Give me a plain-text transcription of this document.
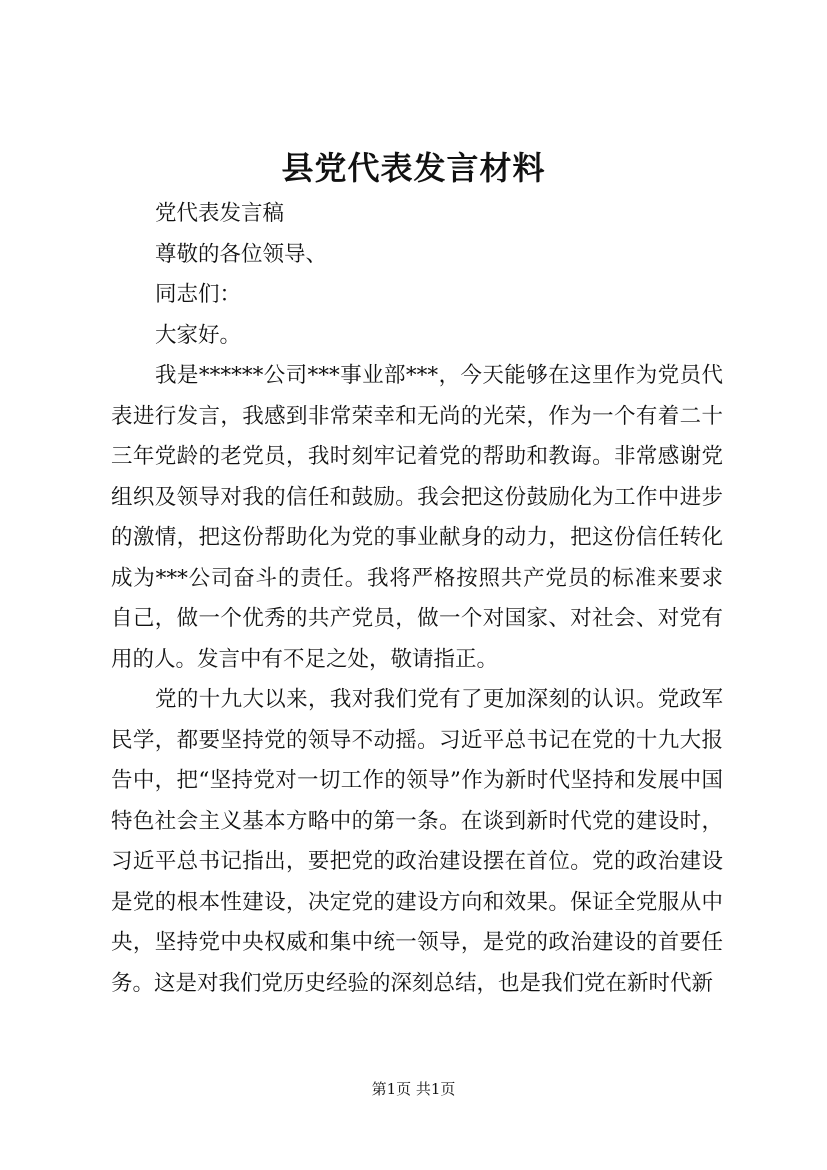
县党代表发言材料

党代表发言稿

尊敬的各位领导、

同志们：

大家好。

我是******公司***事业部***，今天能够在这里作为党员代表进行发言，我感到非常荣幸和无尚的光荣，作为一个有着二十三年党龄的老党员，我时刻牢记着党的帮助和教诲。非常感谢党组织及领导对我的信任和鼓励。我会把这份鼓励化为工作中进步的激情，把这份帮助化为党的事业献身的动力，把这份信任转化成为***公司奋斗的责任。我将严格按照共产党员的标准来要求自己，做一个优秀的共产党员，做一个对国家、对社会、对党有用的人。发言中有不足之处，敬请指正。

党的十九大以来，我对我们党有了更加深刻的认识。党政军民学，都要坚持党的领导不动摇。习近平总书记在党的十九大报告中，把“坚持党对一切工作的领导”作为新时代坚持和发展中国特色社会主义基本方略中的第一条。在谈到新时代党的建设时，习近平总书记指出，要把党的政治建设摆在首位。党的政治建设是党的根本性建设，决定党的建设方向和效果。保证全党服从中央，坚持党中央权威和集中统一领导，是党的政治建设的首要任务。这是对我们党历史经验的深刻总结，也是我们党在新时代新

第1页 共1页
